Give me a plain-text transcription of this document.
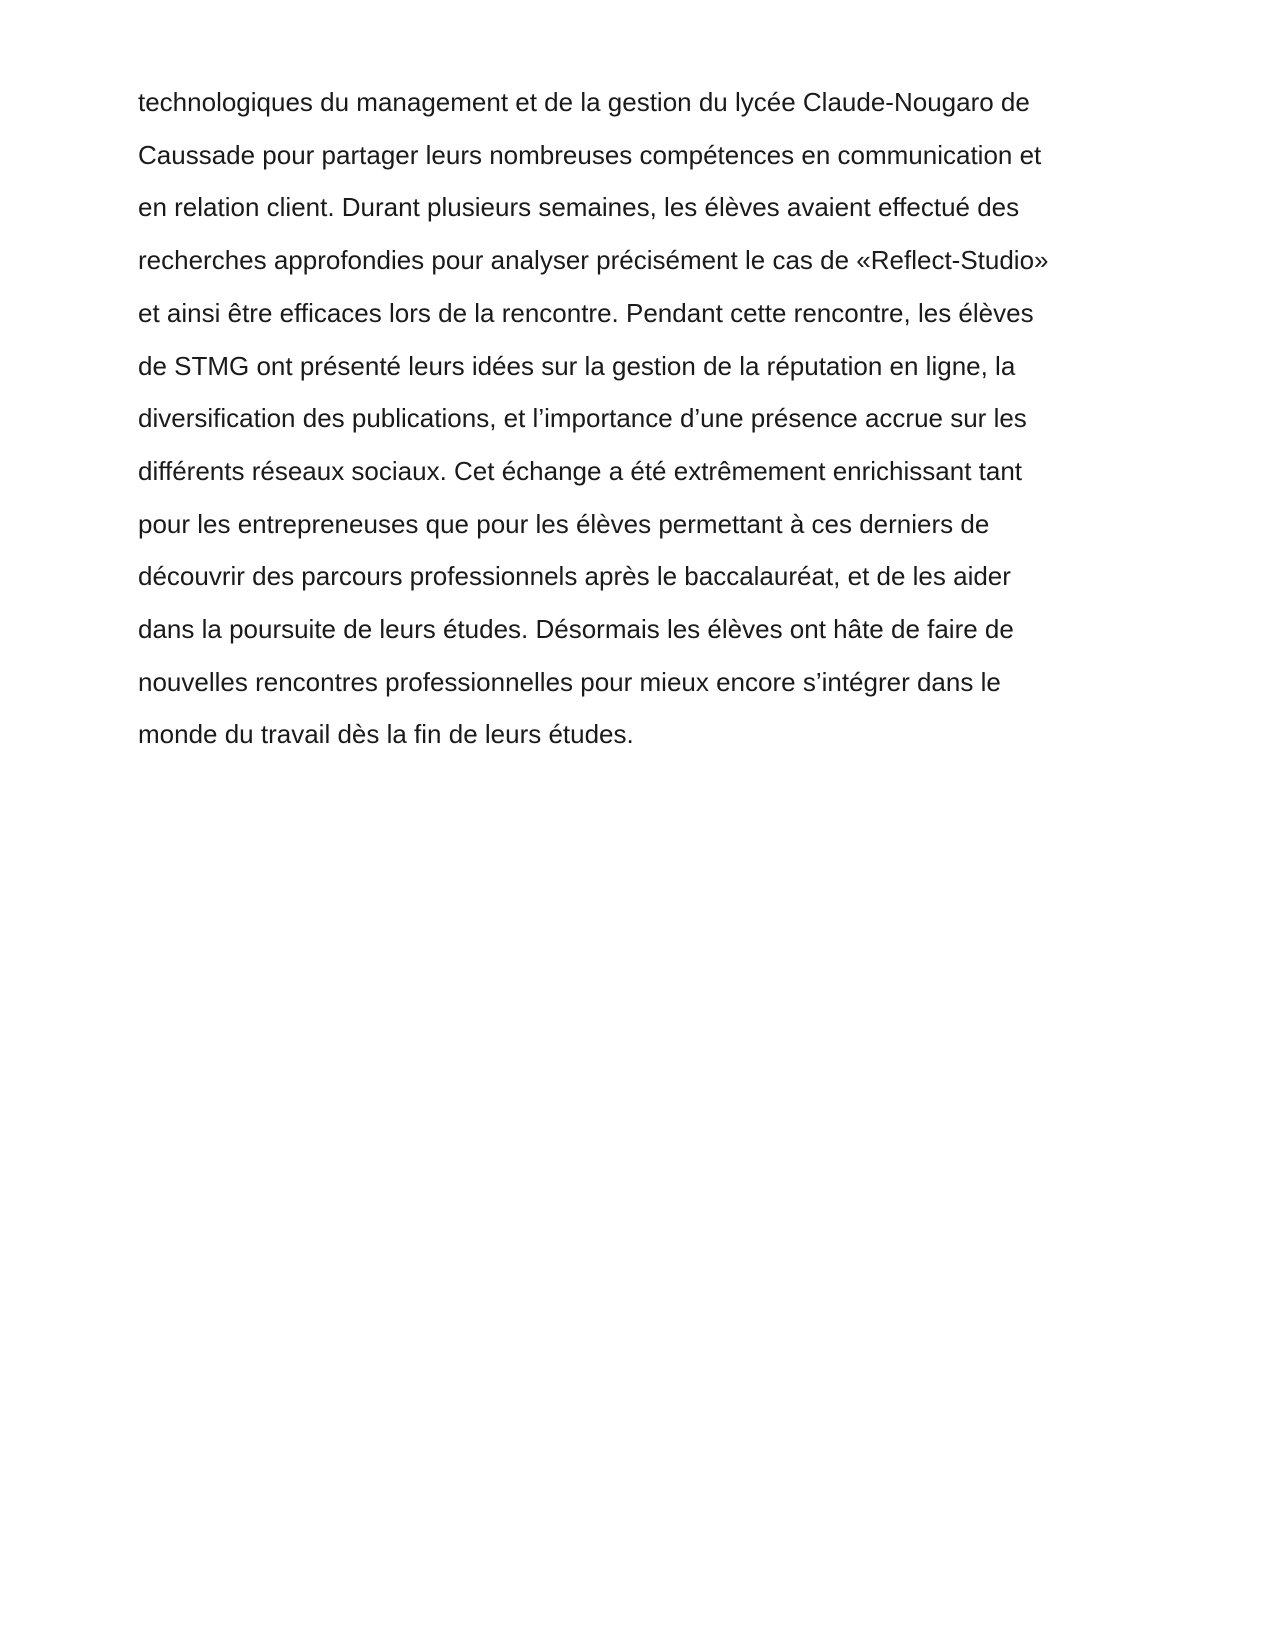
technologiques du management et de la gestion du lycée Claude-Nougaro de
Caussade pour partager leurs nombreuses compétences en communication et
en relation client. Durant plusieurs semaines, les élèves avaient effectué des
recherches approfondies pour analyser précisément le cas de «Reflect-Studio»
et ainsi être efficaces lors de la rencontre. Pendant cette rencontre, les élèves
de STMG ont présenté leurs idées sur la gestion de la réputation en ligne, la
diversification des publications, et l’importance d’une présence accrue sur les
différents réseaux sociaux. Cet échange a été extrêmement enrichissant tant
pour les entrepreneuses que pour les élèves permettant à ces derniers de
découvrir des parcours professionnels après le baccalauréat, et de les aider
dans la poursuite de leurs études. Désormais les élèves ont hâte de faire de
nouvelles rencontres professionnelles pour mieux encore s’intégrer dans le
monde du travail dès la fin de leurs études.
